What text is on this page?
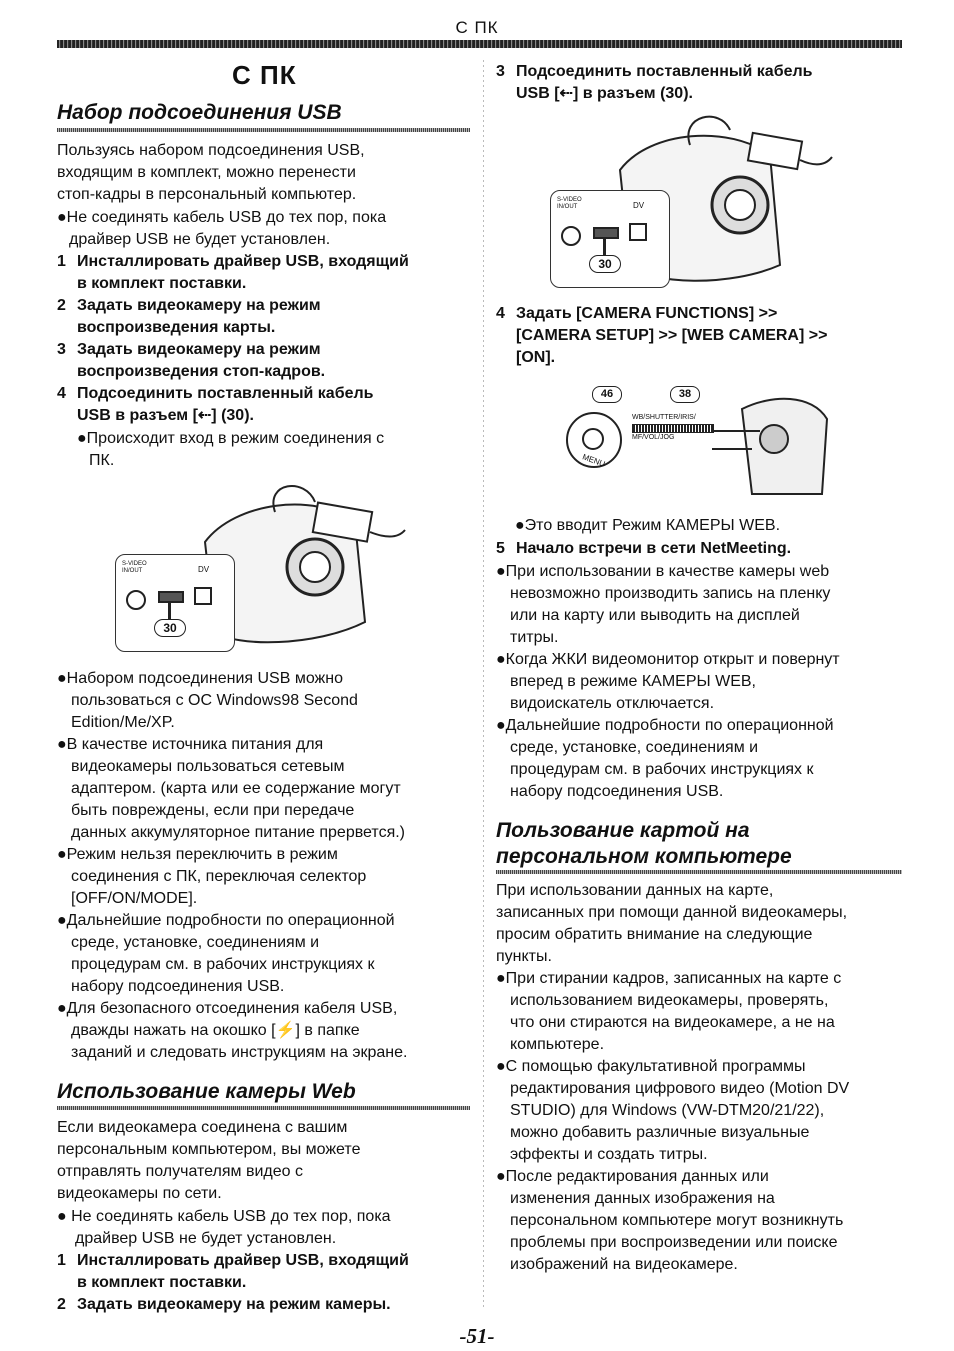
С ПК
С ПК
Набор подсоединения USB
Пользуясь набором подсоединения USB,
входящим в комплект, можно перенести
стоп-кадры в персональный компьютер.
●Не соединять кабель USB до тех пор, пока
драйвер USB не будет установлен.
1 Инсталлировать драйвер USB, входящий
в комплект поставки.
2 Задать видеокамеру на режим
воспроизведения карты.
3 Задать видеокамеру на режим
воспроизведения стоп-кадров.
4 Подсоединить поставленный кабель
USB в разъем [⇠] (30).
●Происходит вход в режим соединения с
ПК.
S-VIDEO IN/OUT	DV
30
●Набором подсоединения USB можно
пользоваться с ОС Windows98 Second
Edition/Me/XP.
●В качестве источника питания для
видеокамеры пользоваться сетевым
адаптером. (карта или ее содержание могут
быть повреждены, если при передаче
данных аккумуляторное питание прервется.)
●Режим нельзя переключить в режим
соединения с ПК, переключая селектор
[OFF/ON/MODE].
●Дальнейшие подробности по операционной
среде, установке, соединениям и
процедурам см. в рабочих инструкциях к
набору подсоединения USB.
●Для безопасного отсоединения кабеля USB,
дважды нажать на окошко [⚡] в папке
заданий и следовать инструкциям на экране.
Использование камеры Web
Если видеокамера соединена с вашим
персональным компьютером, вы можете
отправлять получателям видео с
видеокамеры по сети.
● Не соединять кабель USB до тех пор, пока
драйвер USB не будет установлен.
1 Инсталлировать драйвер USB, входящий
в комплект поставки.
2 Задать видеокамеру на режим камеры.
3 Подсоединить поставленный кабель
USB [⇠] в разъем (30).
S-VIDEO IN/OUT	DV
30
4 Задать [CAMERA FUNCTIONS] >>
[CAMERA SETUP] >> [WEB CAMERA] >>
[ON].
46	38
MENU
WB/SHUTTER/IRIS/
MF/VOL/JOG
●Это вводит Режим КАМЕРЫ WEB.
5 Начало встречи в сети NetMeeting.
●При использовании в качестве камеры web
невозможно производить запись на пленку
или на карту или выводить на дисплей
титры.
●Когда ЖКИ видеомонитор открыт и повернут
вперед в режиме КАМЕРЫ WEB,
видоискатель отключается.
●Дальнейшие подробности по операционной
среде, установке, соединениям и
процедурам см. в рабочих инструкциях к
набору подсоединения USB.
Пользование картой на
персональном компьютере
При использовании данных на карте,
записанных при помощи данной видеокамеры,
просим обратить внимание на следующие
пункты.
●При стирании кадров, записанных на карте с
использованием видеокамеры, проверять,
что они стираются на видеокамере, а не на
компьютере.
●С помощью факультативной программы
редактирования цифрового видео (Motion DV
STUDIO) для Windows (VW-DTM20/21/22),
можно добавить различные визуальные
эффекты и создать титры.
●После редактирования данных или
изменения данных изображения на
персональном компьютере могут возникнуть
проблемы при воспроизведении или поиске
изображений на видеокамере.
-51-
